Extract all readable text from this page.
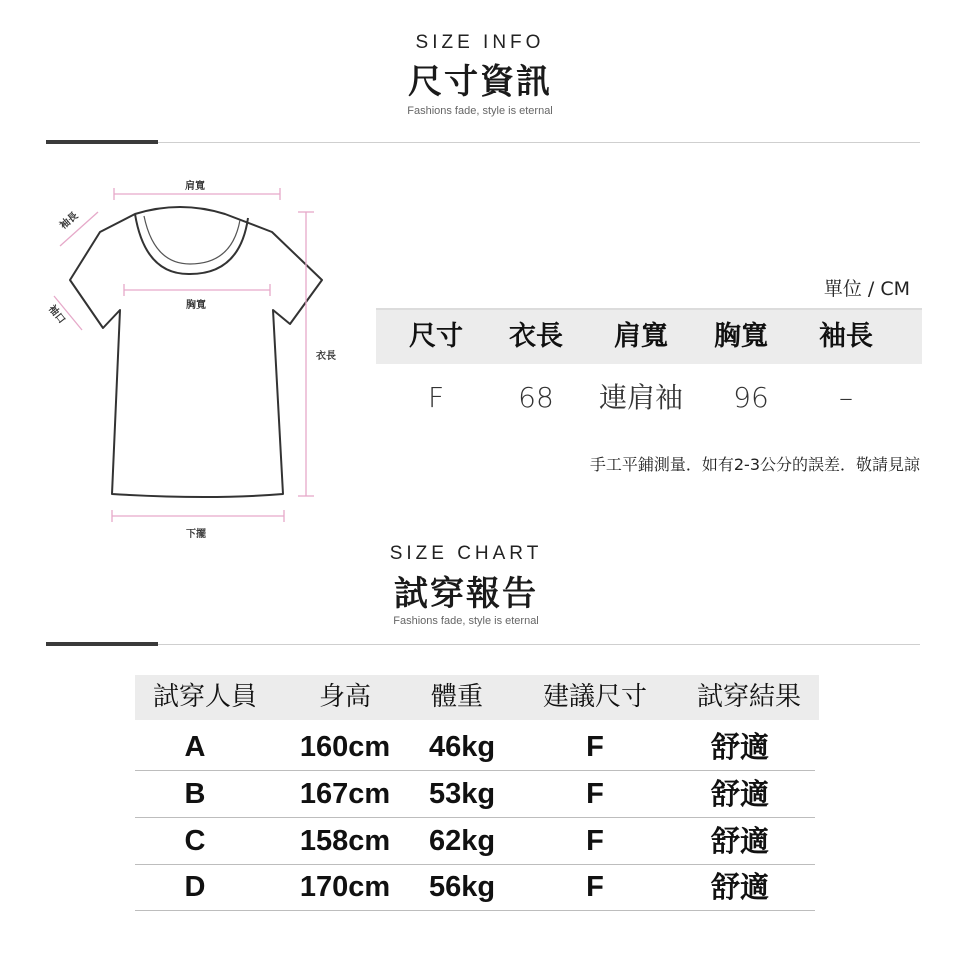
SIZE INFO
尺寸資訊
Fashions fade, style is eternal
肩寬
袖長
袖口	胸寬
衣長
下擺
單位 / CM
尺寸	衣長	肩寬	胸寬	袖長
F	68	連肩袖	96	–
手工平鋪測量．如有2-3公分的誤差．敬請見諒
SIZE CHART
試穿報告
Fashions fade, style is eternal
試穿人員	身高	體重	建議尺寸	試穿結果
A	160cm	46kg	F	舒適
B	167cm	53kg	F	舒適
C	158cm	62kg	F	舒適
D	170cm	56kg	F	舒適
